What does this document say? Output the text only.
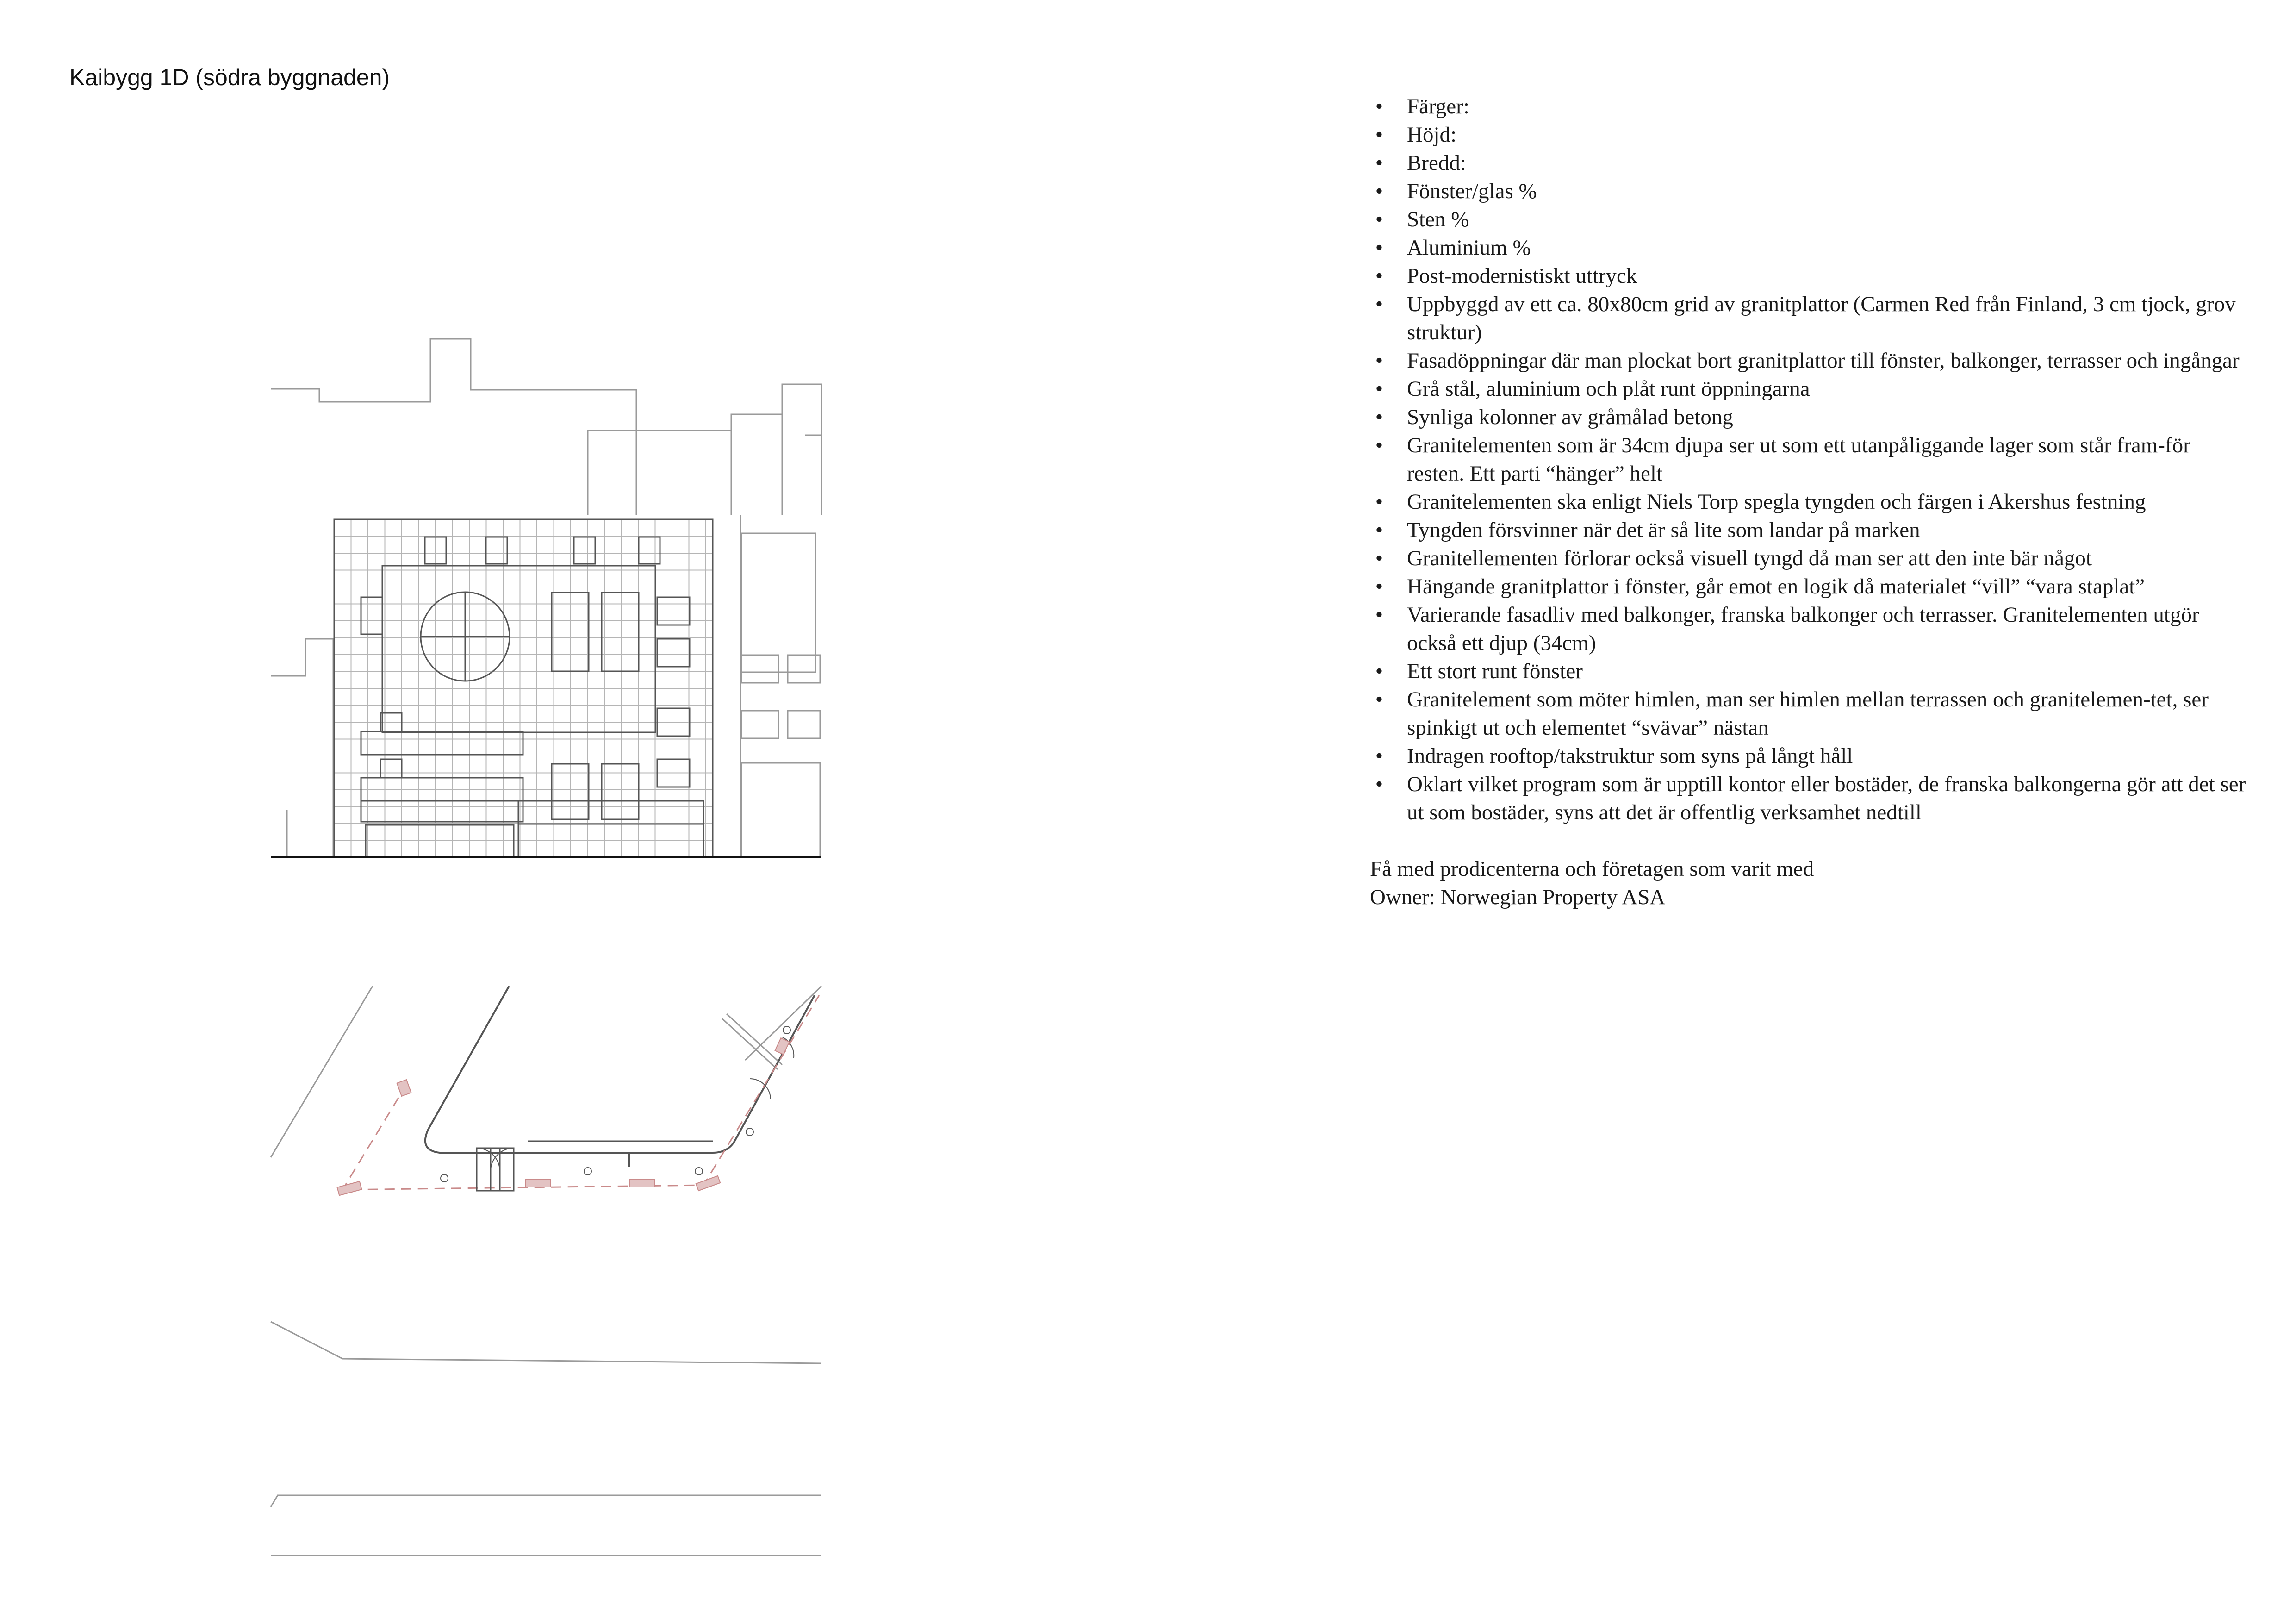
Kaibygg 1D (södra byggnaden)
• Färger:
• Höjd:
• Bredd:
• Fönster/glas %
• Sten %
• Aluminium %
• Post-modernistiskt uttryck
• Uppbyggd av ett ca. 80x80cm grid av granitplattor (Carmen Red från Finland, 3 cm tjock, grov struktur)
• Fasadöppningar där man plockat bort granitplattor till fönster, balkonger, terrasser och ingångar
• Grå stål, aluminium och plåt runt öppningarna
• Synliga kolonner av gråmålad betong
• Granitelementen som är 34cm djupa ser ut som ett utanpåliggande lager som står fram-för resten. Ett parti “hänger” helt
• Granitelementen ska enligt Niels Torp spegla tyngden och färgen i Akershus festning
• Tyngden försvinner när det är så lite som landar på marken
• Granitellementen förlorar också visuell tyngd då man ser att den inte bär något
• Hängande granitplattor i fönster, går emot en logik då materialet “vill” “vara staplat”
• Varierande fasadliv med balkonger, franska balkonger och terrasser. Granitelementen utgör också ett djup (34cm)
• Ett stort runt fönster
• Granitelement som möter himlen, man ser himlen mellan terrassen och granitelemen-tet, ser spinkigt ut och elementet “svävar” nästan
• Indragen rooftop/takstruktur som syns på långt håll
• Oklart vilket program som är upptill kontor eller bostäder, de franska balkongerna gör att det ser ut som bostäder, syns att det är offentlig verksamhet nedtill

Få med prodicenterna och företagen som varit med

Owner: Norwegian Property ASA
